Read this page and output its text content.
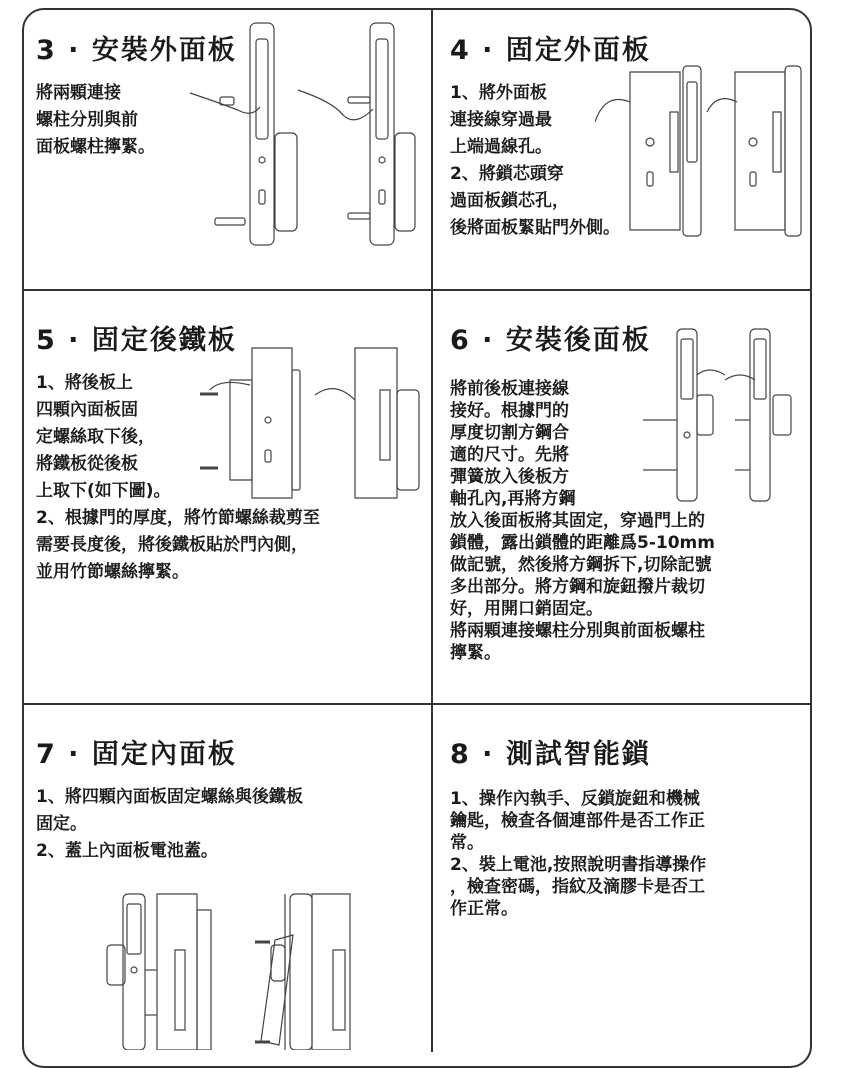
3 · 安裝外面板
將兩顆連接
螺柱分別與前
面板螺柱擰緊。
4 · 固定外面板
1、將外面板
連接線穿過最
上端過線孔。
2、將鎖芯頭穿
過面板鎖芯孔，
後將面板緊貼門外側。
5 · 固定後鐵板
1、將後板上
四顆內面板固
定螺絲取下後，
將鐵板從後板
上取下(如下圖)。
2、根據門的厚度，將竹節螺絲裁剪至
需要長度後，將後鐵板貼於門內側，
並用竹節螺絲擰緊。
6 · 安裝後面板
將前後板連接線
接好。根據門的
厚度切割方鋼合
適的尺寸。先將
彈簧放入後板方
軸孔內,再將方鋼
放入後面板將其固定，穿過門上的
鎖體，露出鎖體的距離爲5-10mm
做記號，然後將方鋼拆下,切除記號
多出部分。將方鋼和旋鈕撥片裁切
好，用開口銷固定。
將兩顆連接螺柱分別與前面板螺柱
擰緊。
7 · 固定內面板
1、將四顆內面板固定螺絲與後鐵板
固定。
2、蓋上內面板電池蓋。
8 · 測試智能鎖
1、操作內執手、反鎖旋鈕和機械
鑰匙，檢查各個連部件是否工作正
常。
2、裝上電池,按照說明書指導操作
，檢查密碼，指紋及滴膠卡是否工
作正常。
